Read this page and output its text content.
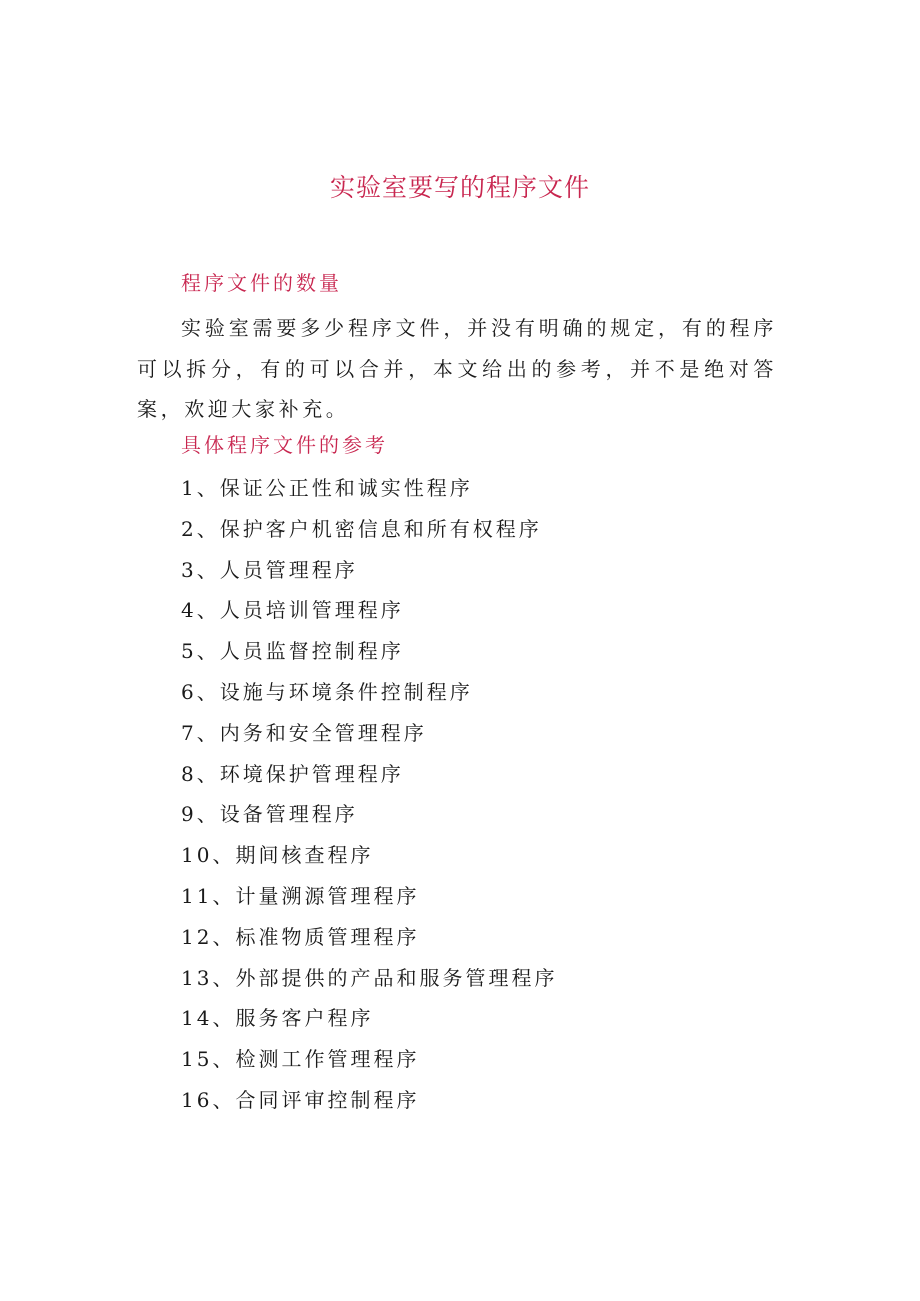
实验室要写的程序文件
程序文件的数量

实验室需要多少程序文件，并没有明确的规定，有的程序可以拆分，有的可以合并，本文给出的参考，并不是绝对答案，欢迎大家补充。

具体程序文件的参考
1、保证公正性和诚实性程序
2、保护客户机密信息和所有权程序
3、人员管理程序
4、人员培训管理程序
5、人员监督控制程序
6、设施与环境条件控制程序
7、内务和安全管理程序
8、环境保护管理程序
9、设备管理程序
10、期间核查程序
11、计量溯源管理程序
12、标准物质管理程序
13、外部提供的产品和服务管理程序
14、服务客户程序
15、检测工作管理程序
16、合同评审控制程序
